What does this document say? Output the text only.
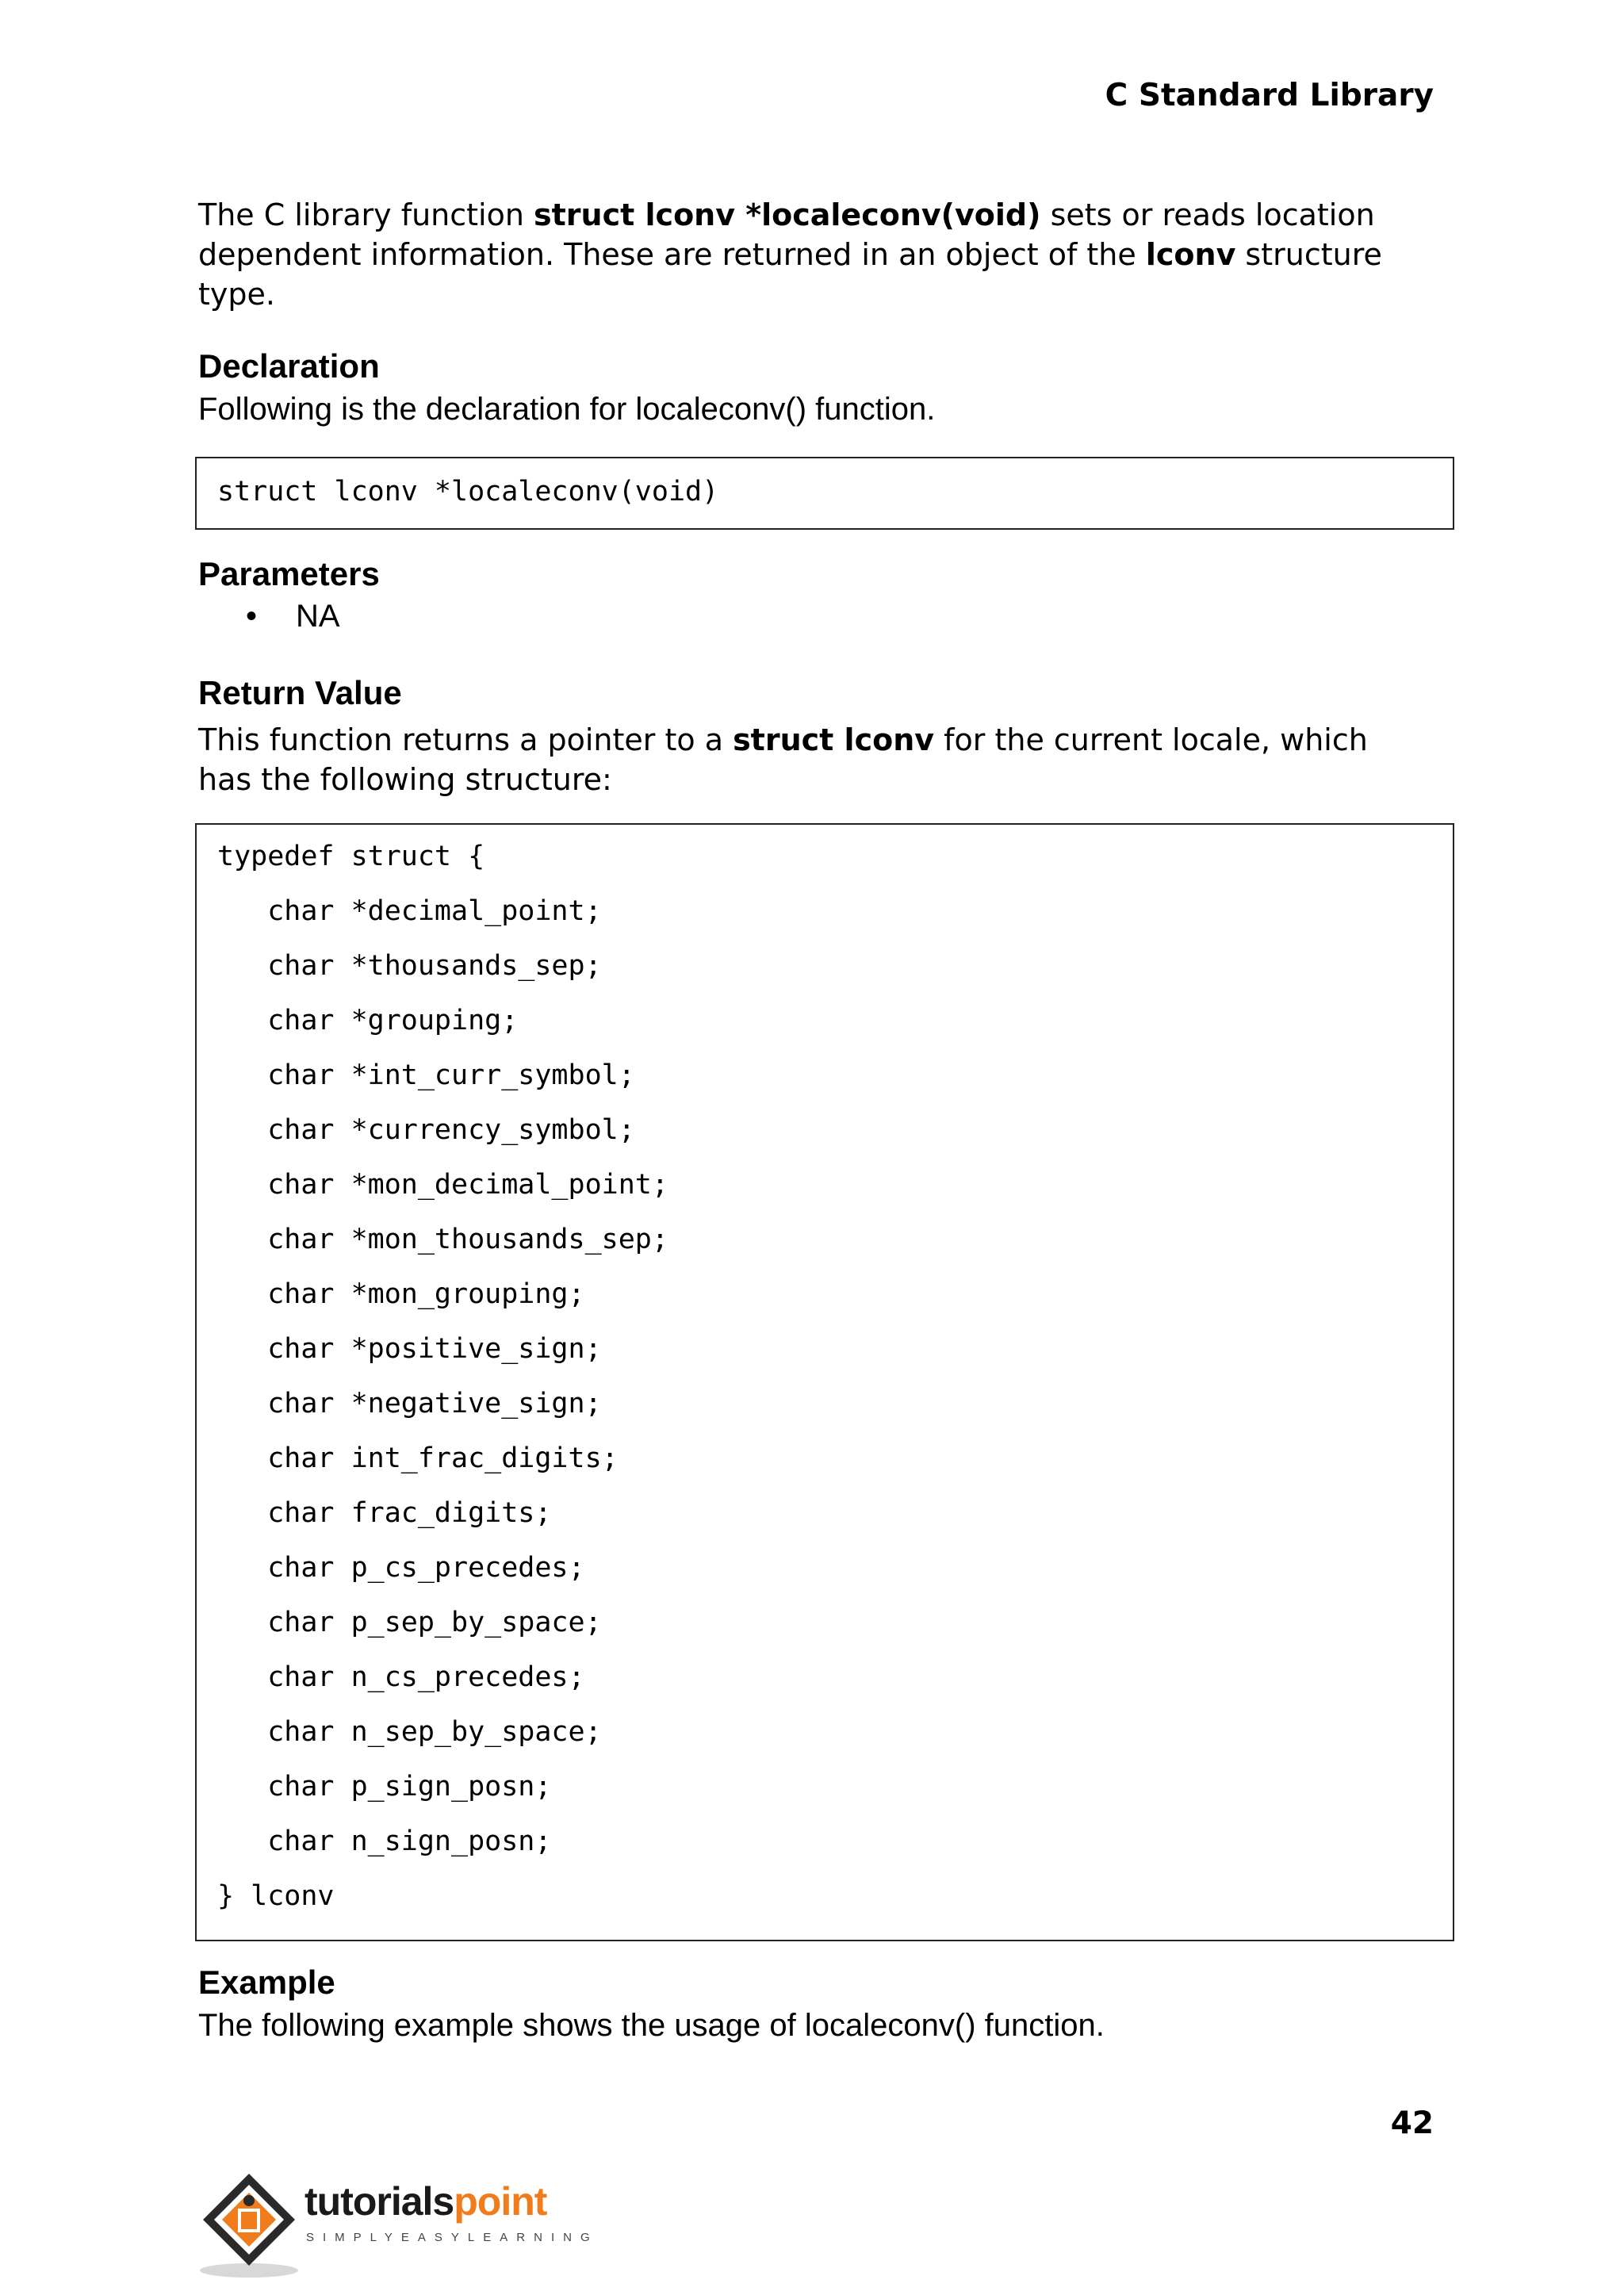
C Standard Library
The C library function struct lconv *localeconv(void) sets or reads location
dependent information. These are returned in an object of the lconv structure
type.
Declaration
Following is the declaration for localeconv() function.
struct lconv *localeconv(void)
Parameters
• NA
Return Value
This function returns a pointer to a struct lconv for the current locale, which
has the following structure:
typedef struct {
char *decimal_point;
char *thousands_sep;
char *grouping;
char *int_curr_symbol;
char *currency_symbol;
char *mon_decimal_point;
char *mon_thousands_sep;
char *mon_grouping;
char *positive_sign;
char *negative_sign;
char int_frac_digits;
char frac_digits;
char p_cs_precedes;
char p_sep_by_space;
char n_cs_precedes;
char n_sep_by_space;
char p_sign_posn;
char n_sign_posn;
} lconv
Example
The following example shows the usage of localeconv() function.
42
tutorialspoint
SIMPLYEASYLEARNING
